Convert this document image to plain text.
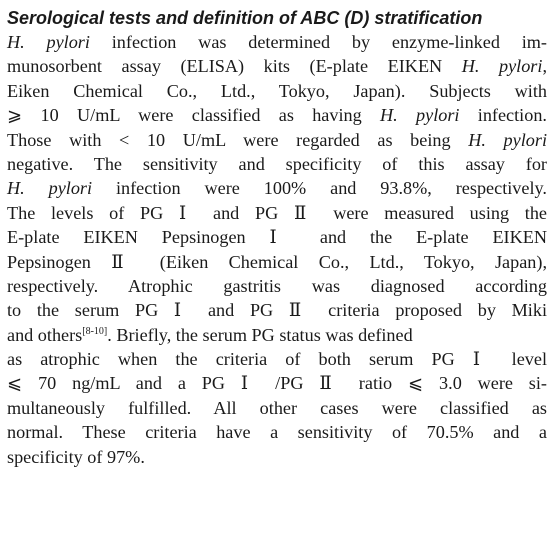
Serological tests and definition of ABC (D) stratification
H. pylori infection was determined by enzyme-linked im-
munosorbent assay (ELISA) kits (E-plate EIKEN H. pylori,
Eiken Chemical Co., Ltd., Tokyo, Japan). Subjects with
⩾ 10 U/mL were classified as having H. pylori infection.
Those with < 10 U/mL were regarded as being H. pylori
negative. The sensitivity and specificity of this assay for
H. pylori infection were 100% and 93.8%, respectively.
The levels of PG Ⅰ and PG Ⅱ were measured using the
E-plate EIKEN Pepsinogen Ⅰ and the E-plate EIKEN
Pepsinogen Ⅱ (Eiken Chemical Co., Ltd., Tokyo, Japan),
respectively. Atrophic gastritis was diagnosed according
to the serum PG Ⅰ and PG Ⅱ criteria proposed by Miki
and others[8-10]. Briefly, the serum PG status was defined
as atrophic when the criteria of both serum PG Ⅰ level
⩽ 70 ng/mL and a PG Ⅰ /PG Ⅱ ratio ⩽ 3.0 were si-
multaneously fulfilled. All other cases were classified as
normal. These criteria have a sensitivity of 70.5% and a
specificity of 97%.
